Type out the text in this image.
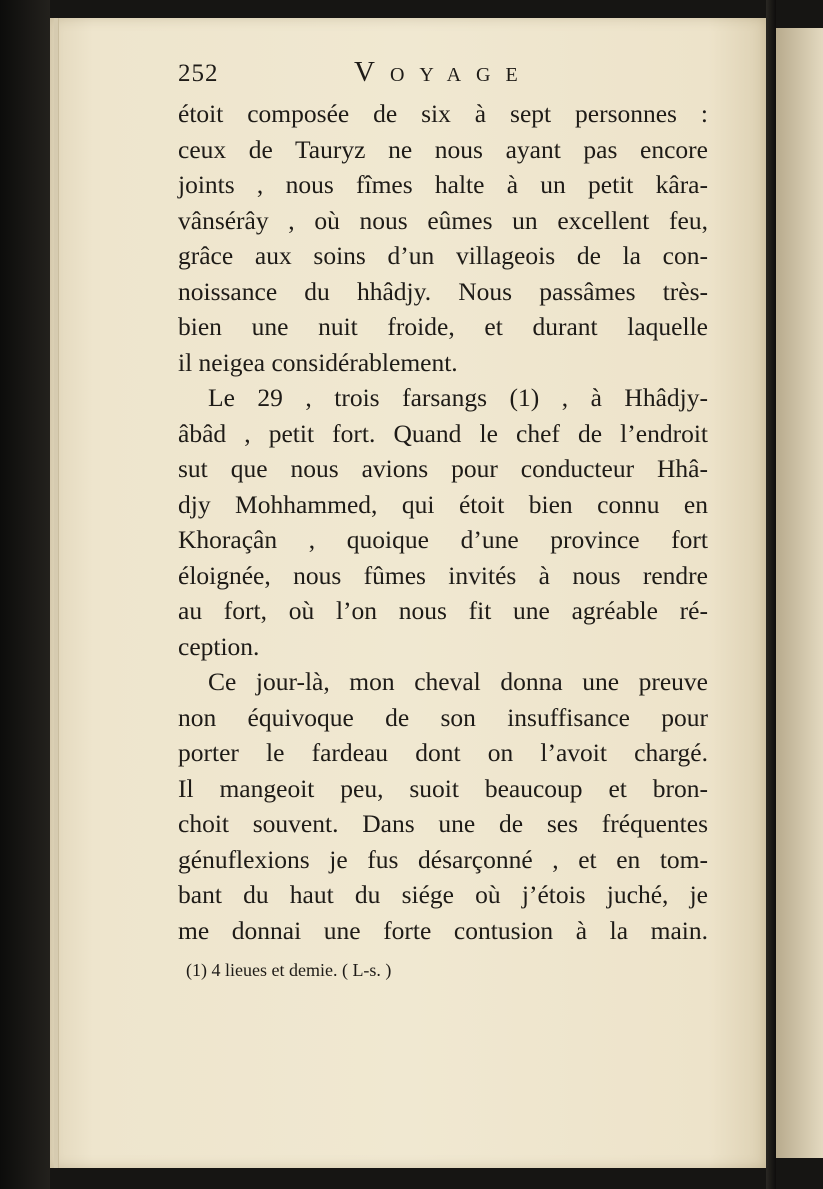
252	Voyage
étoit composée de six à sept personnes :
ceux de Tauryz ne nous ayant pas encore
joints , nous fîmes halte à un petit kâra-
vânsérây , où nous eûmes un excellent feu,
grâce aux soins d’un villageois de la con-
noissance du hhâdjy. Nous passâmes très-
bien une nuit froide, et durant laquelle
il neigea considérablement.
Le 29 , trois farsangs (1) , à Hhâdjy-
âbâd , petit fort. Quand le chef de l’endroit
sut que nous avions pour conducteur Hhâ-
djy Mohhammed, qui étoit bien connu en
Khoraçân , quoique d’une province fort
éloignée, nous fûmes invités à nous rendre
au fort, où l’on nous fit une agréable ré-
ception.
Ce jour-là, mon cheval donna une preuve
non équivoque de son insuffisance pour
porter le fardeau dont on l’avoit chargé.
Il mangeoit peu, suoit beaucoup et bron-
choit souvent. Dans une de ses fréquentes
génuflexions je fus désarçonné , et en tom-
bant du haut du siége où j’étois juché, je
me donnai une forte contusion à la main.
(1) 4 lieues et demie. ( L-s. )
